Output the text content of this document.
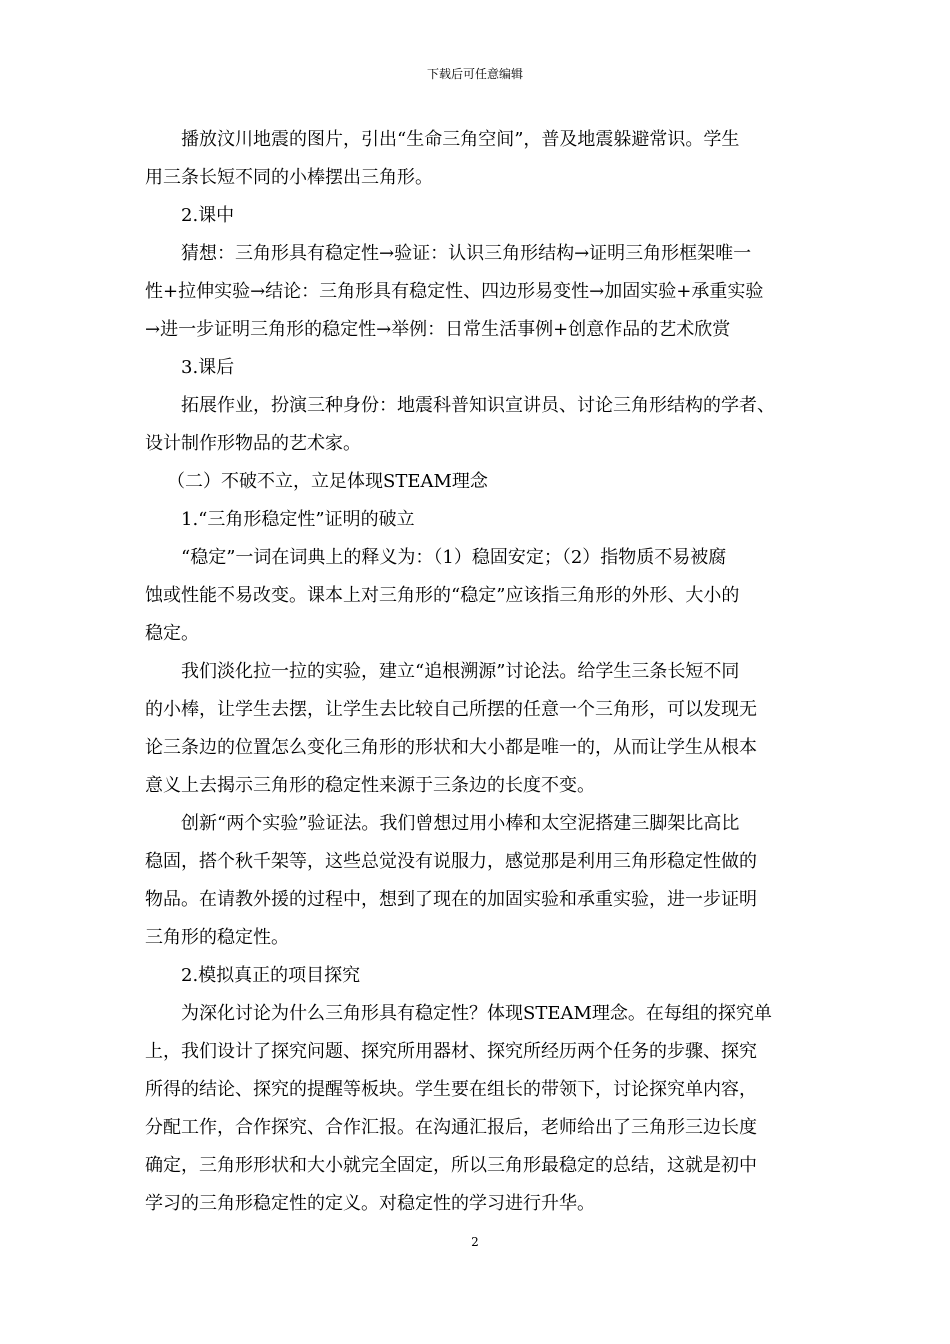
下载后可任意编辑

播放汶川地震的图片，引出“生命三角空间”，普及地震躲避常识。学生

用三条长短不同的小棒摆出三角形。

2.课中

猜想：三角形具有稳定性→验证：认识三角形结构→证明三角形框架唯一

性+拉伸实验→结论：三角形具有稳定性、四边形易变性→加固实验+承重实验

→进一步证明三角形的稳定性→举例：日常生活事例+创意作品的艺术欣赏

3.课后

拓展作业，扮演三种身份：地震科普知识宣讲员、讨论三角形结构的学者、

设计制作形物品的艺术家。

（二）不破不立，立足体现STEAM理念

1.“三角形稳定性”证明的破立

“稳定”一词在词典上的释义为：（1）稳固安定；（2）指物质不易被腐

蚀或性能不易改变。课本上对三角形的“稳定”应该指三角形的外形、大小的

稳定。

我们淡化拉一拉的实验，建立“追根溯源”讨论法。给学生三条长短不同

的小棒，让学生去摆，让学生去比较自己所摆的任意一个三角形，可以发现无

论三条边的位置怎么变化三角形的形状和大小都是唯一的，从而让学生从根本

意义上去揭示三角形的稳定性来源于三条边的长度不变。

创新“两个实验”验证法。我们曾想过用小棒和太空泥搭建三脚架比高比

稳固，搭个秋千架等，这些总觉没有说服力，感觉那是利用三角形稳定性做的

物品。在请教外援的过程中，想到了现在的加固实验和承重实验，进一步证明

三角形的稳定性。

2.模拟真正的项目探究

为深化讨论为什么三角形具有稳定性？体现STEAM理念。在每组的探究单

上，我们设计了探究问题、探究所用器材、探究所经历两个任务的步骤、探究

所得的结论、探究的提醒等板块。学生要在组长的带领下，讨论探究单内容，

分配工作，合作探究、合作汇报。在沟通汇报后，老师给出了三角形三边长度

确定，三角形形状和大小就完全固定，所以三角形最稳定的总结，这就是初中

学习的三角形稳定性的定义。对稳定性的学习进行升华。

2
